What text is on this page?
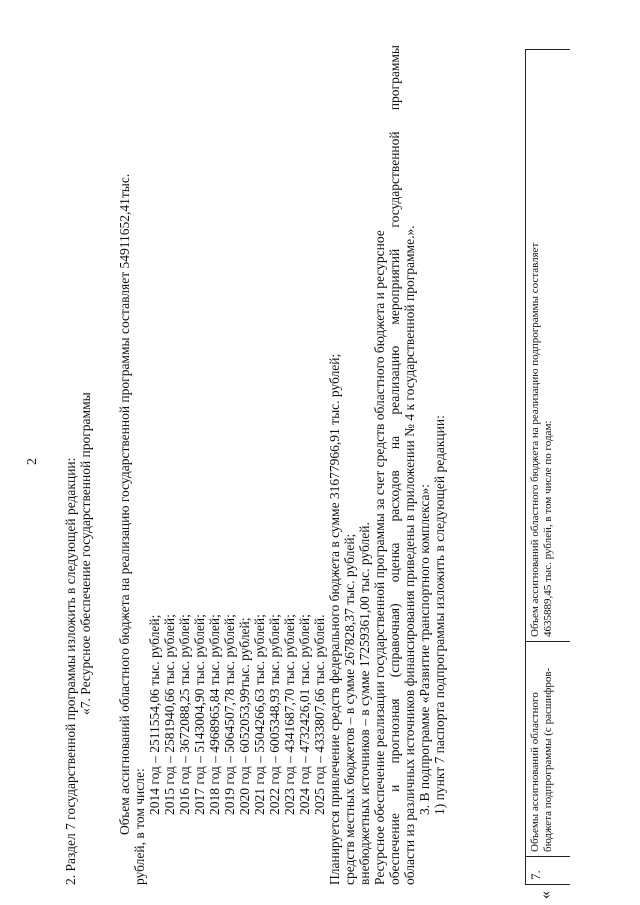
2 2. Раздел 7 государственной программы изложить в следующей редакции: «7. Ресурсное обеспечение государственной программы Объем ассигнований областного бюджета на реализацию государственной программы составляет 54911652,41тыс. рублей, в том числе:
2014 год – 2511554,06 тыс. рублей; 2015 год – 2581940,66 тыс. рублей; 2016 год – 3672088,25 тыс. рублей; 2017 год – 5143004,90 тыс. рублей; 2018 год – 4968965,84 тыс. рублей; 2019 год – 5064507,78 тыс. рублей; 2020 год – 6052053,99тыс. рублей; 2021 год – 5504266,63 тыс. рублей; 2022 год – 6005348,93 тыс. рублей; 2023 год – 4341687,70 тыс. рублей; 2024 год – 4732426,01 тыс. рублей; 2025 год – 4333807,66 тыс. рублей. Планируется привлечение средств федерального бюджета в сумме 31677966,91 тыс. рублей; средств местных бюджетов – в сумме 267828,37 тыс. рублей; внебюджетных источников – в сумме 17259361,00 тыс. рублей. Ресурсное обеспечение реализации государственной программы за счет средств областного бюджета и ресурсное обеспечение и прогнозная (справочная) оценка расходов на реализацию мероприятий государственной программы области из различных источников финансирования приведены в приложении № 4 к государственной программе.». 3. В подпрограмме «Развитие транспортного комплекса»: 1) пункт 7 паспорта подпрограммы изложить в следующей редакции:
«
7.
Объемы ассигнований областного бюджета подпрограммы (с расшифров-
Объем ассигнований областного бюджета на реализацию подпрограммы составляет 4635889,45 тыс. рублей, в том числе по годам:
